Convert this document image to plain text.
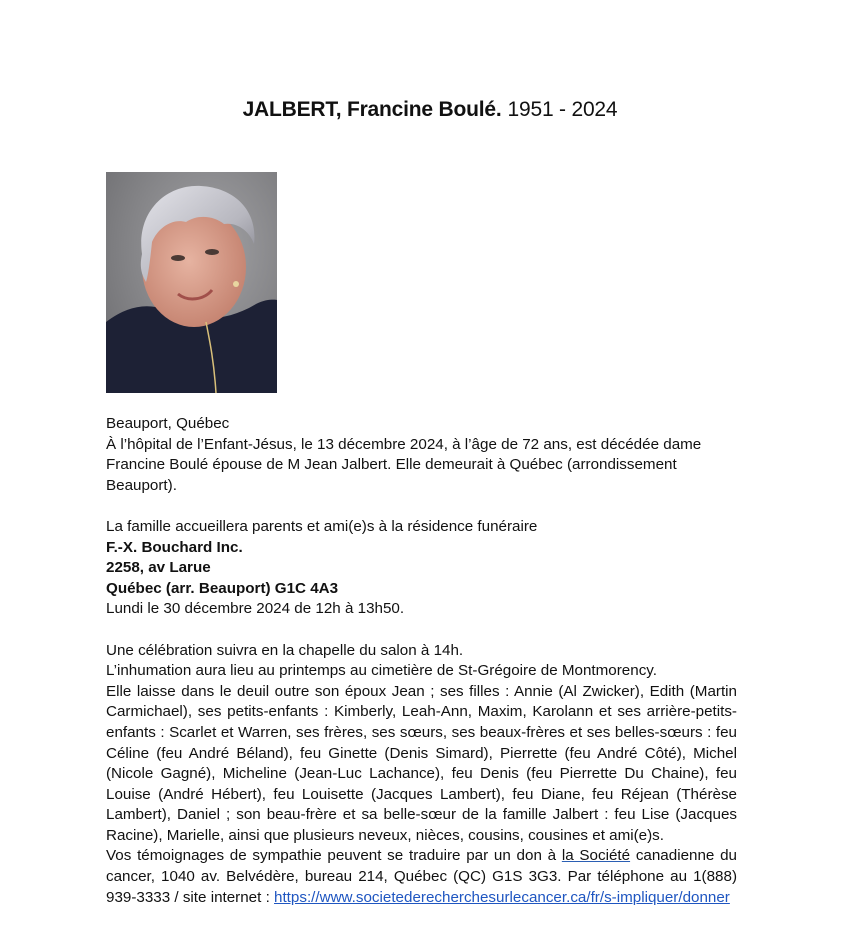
JALBERT, Francine Boulé. 1951 - 2024

Beauport, Québec

À l’hôpital de l’Enfant-Jésus, le 13 décembre 2024, à l’âge de 72 ans, est décédée dame

Francine Boulé épouse de M Jean Jalbert. Elle demeurait à Québec (arrondissement Beauport).

La famille accueillera parents et ami(e)s à la résidence funéraire

F.-X. Bouchard Inc.

2258, av Larue

Québec (arr. Beauport) G1C 4A3

Lundi le 30 décembre 2024 de 12h à 13h50.

Une célébration suivra en la chapelle du salon à 14h.

L’inhumation aura lieu au printemps au cimetière de St-Grégoire de Montmorency.

Elle laisse dans le deuil outre son époux Jean ; ses filles : Annie (Al Zwicker), Edith (Martin Carmichael), ses petits-enfants : Kimberly, Leah-Ann, Maxim, Karolann et ses arrière-petits-enfants : Scarlet et Warren, ses frères, ses sœurs, ses beaux-frères et ses belles-sœurs : feu Céline (feu André Béland), feu Ginette (Denis Simard), Pierrette (feu André Côté), Michel (Nicole Gagné), Micheline (Jean-Luc Lachance), feu Denis (feu Pierrette Du Chaine), feu Louise (André Hébert), feu Louisette (Jacques Lambert), feu Diane, feu Réjean (Thérèse Lambert), Daniel ; son beau-frère et sa belle-sœur de la famille Jalbert : feu Lise (Jacques Racine), Marielle, ainsi que plusieurs neveux, nièces, cousins, cousines et ami(e)s.

Vos témoignages de sympathie peuvent se traduire par un don à la Société canadienne du cancer, 1040 av. Belvédère, bureau 214, Québec (QC) G1S 3G3. Par téléphone au 1(888) 939-3333 / site internet : https://www.societederecherchesurlecancer.ca/fr/s-impliquer/donner
